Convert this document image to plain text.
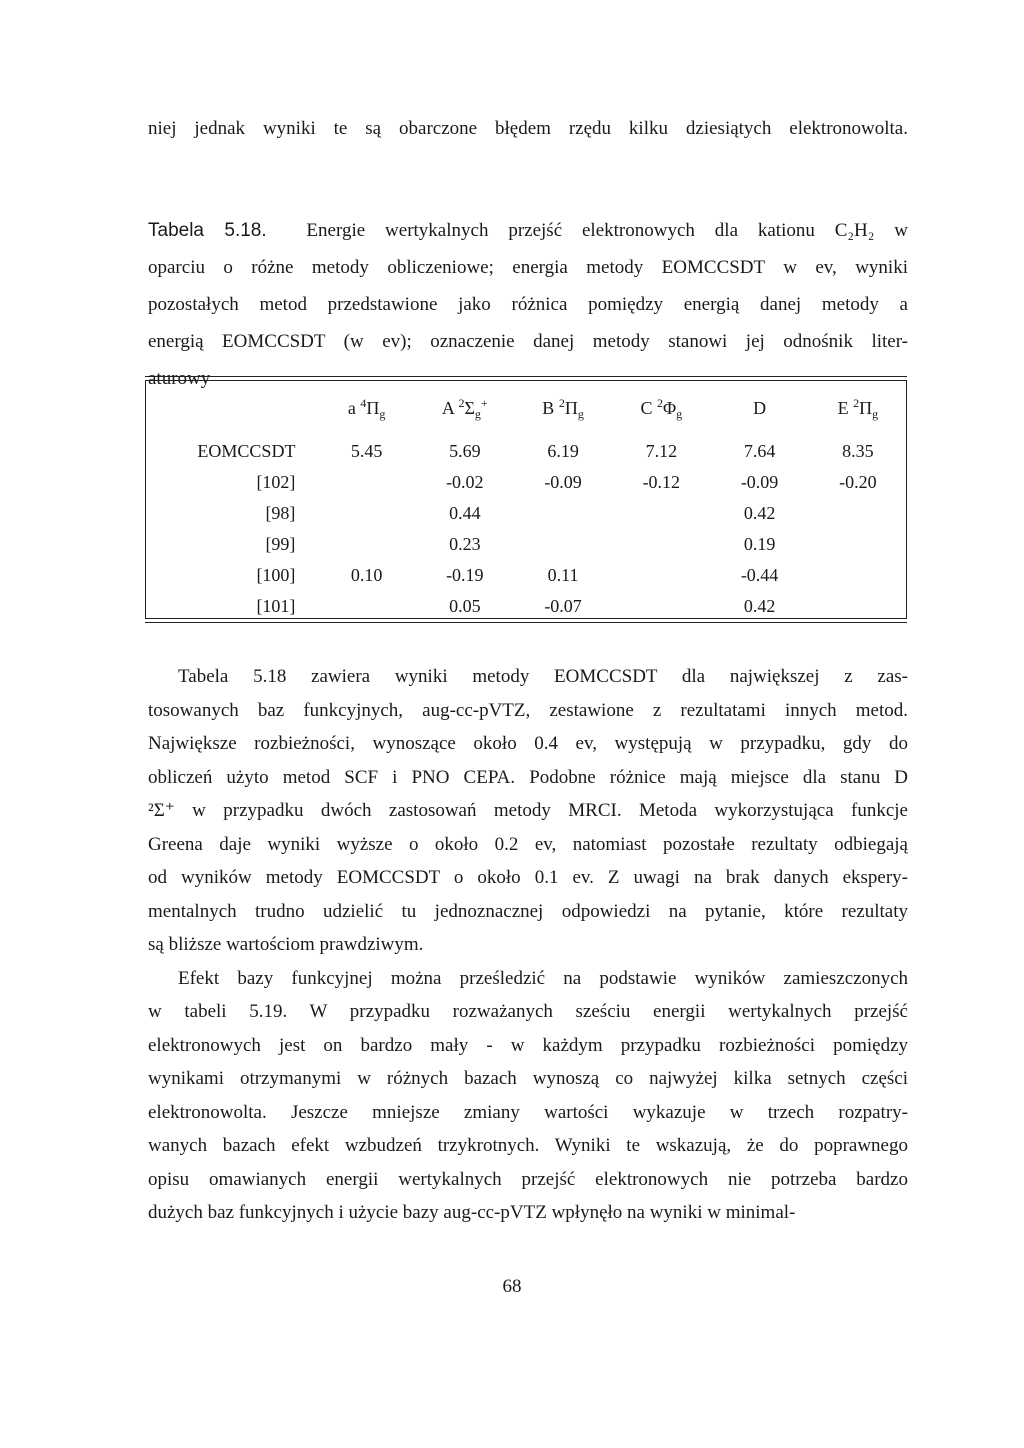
niej jednak wyniki te są obarczone błędem rzędu kilku dziesiątych elektronowolta.
Tabela 5.18. Energie wertykalnych przejść elektronowych dla kationu C₂H₂ w
oparciu o różne metody obliczeniowe; energia metody EOMCCSDT w ev, wyniki
pozostałych metod przedstawione jako różnica pomiędzy energią danej metody a
energią EOMCCSDT (w ev); oznaczenie danej metody stanowi jej odnośnik liter-
aturowy
	a $^4\Pi_g$	A $^2\Sigma_g^+$	B $^2\Pi_g$	C $^2\Phi_g$	D	E $^2\Pi_g$
EOMCCSDT	5.45	5.69	6.19	7.12	7.64	8.35
[102]		-0.02	-0.09	-0.12	-0.09	-0.20
[98]		0.44			0.42	
[99]		0.23			0.19	
[100]	0.10	-0.19	0.11		-0.44	
[101]		0.05	-0.07		0.42	
Tabela 5.18 zawiera wyniki metody EOMCCSDT dla największej z zas-
tosowanych baz funkcyjnych, aug-cc-pVTZ, zestawione z rezultatami innych metod.
Największe rozbieżności, wynoszące około 0.4 ev, występują w przypadku, gdy do
obliczeń użyto metod SCF i PNO CEPA. Podobne różnice mają miejsce dla stanu D
²Σ⁺ w przypadku dwóch zastosowań metody MRCI. Metoda wykorzystująca funkcje
Greena daje wyniki wyższe o około 0.2 ev, natomiast pozostałe rezultaty odbiegają
od wyników metody EOMCCSDT o około 0.1 ev. Z uwagi na brak danych ekspery-
mentalnych trudno udzielić tu jednoznacznej odpowiedzi na pytanie, które rezultaty
są bliższe wartościom prawdziwym.
Efekt bazy funkcyjnej można prześledzić na podstawie wyników zamieszczonych
w tabeli 5.19. W przypadku rozważanych sześciu energii wertykalnych przejść
elektronowych jest on bardzo mały - w każdym przypadku rozbieżności pomiędzy
wynikami otrzymanymi w różnych bazach wynoszą co najwyżej kilka setnych części
elektronowolta. Jeszcze mniejsze zmiany wartości wykazuje w trzech rozpatry-
wanych bazach efekt wzbudzeń trzykrotnych. Wyniki te wskazują, że do poprawnego
opisu omawianych energii wertykalnych przejść elektronowych nie potrzeba bardzo
dużych baz funkcyjnych i użycie bazy aug-cc-pVTZ wpłynęło na wyniki w minimal-
68
